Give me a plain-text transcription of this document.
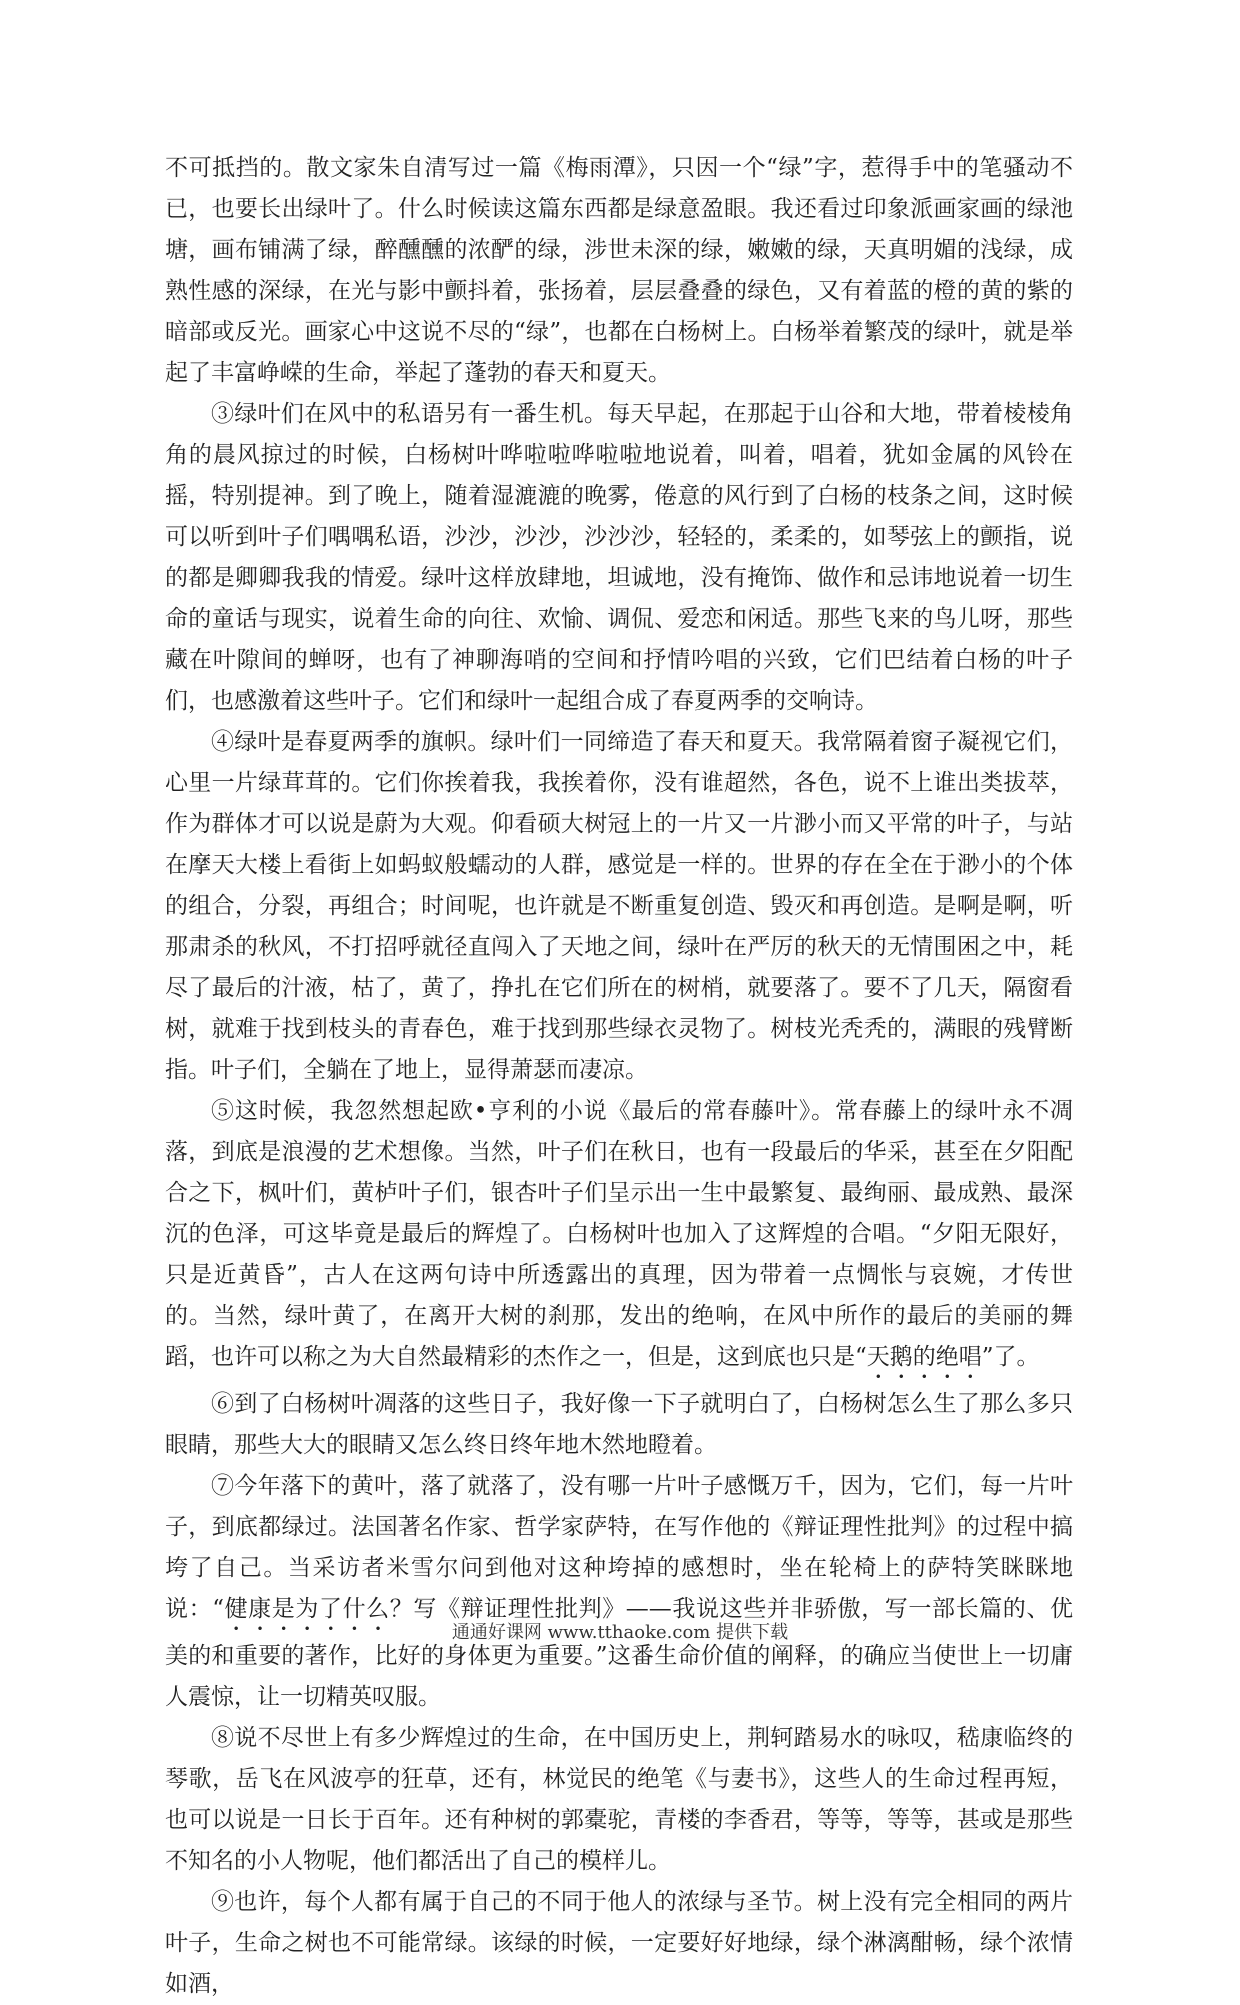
不可抵挡的。散文家朱自清写过一篇《梅雨潭》，只因一个“绿”字，惹得手中的笔骚动不已，也要长出绿叶了。什么时候读这篇东西都是绿意盈眼。我还看过印象派画家画的绿池塘，画布铺满了绿，醉醺醺的浓酽的绿，涉世未深的绿，嫩嫩的绿，天真明媚的浅绿，成熟性感的深绿，在光与影中颤抖着，张扬着，层层叠叠的绿色，又有着蓝的橙的黄的紫的暗部或反光。画家心中这说不尽的“绿”，也都在白杨树上。白杨举着繁茂的绿叶，就是举起了丰富峥嵘的生命，举起了蓬勃的春天和夏天。

③绿叶们在风中的私语另有一番生机。每天早起，在那起于山谷和大地，带着棱棱角角的晨风掠过的时候，白杨树叶哗啦啦哗啦啦地说着，叫着，唱着，犹如金属的风铃在摇，特别提神。到了晚上，随着湿漉漉的晚雾，倦意的风行到了白杨的枝条之间，这时候可以听到叶子们喁喁私语，沙沙，沙沙，沙沙沙，轻轻的，柔柔的，如琴弦上的颤指，说的都是卿卿我我的情爱。绿叶这样放肆地，坦诚地，没有掩饰、做作和忌讳地说着一切生命的童话与现实，说着生命的向往、欢愉、调侃、爱恋和闲适。那些飞来的鸟儿呀，那些藏在叶隙间的蝉呀，也有了神聊海哨的空间和抒情吟唱的兴致，它们巴结着白杨的叶子们，也感激着这些叶子。它们和绿叶一起组合成了春夏两季的交响诗。

④绿叶是春夏两季的旗帜。绿叶们一同缔造了春天和夏天。我常隔着窗子凝视它们，心里一片绿茸茸的。它们你挨着我，我挨着你，没有谁超然，各色，说不上谁出类拔萃，作为群体才可以说是蔚为大观。仰看硕大树冠上的一片又一片渺小而又平常的叶子，与站在摩天大楼上看街上如蚂蚁般蠕动的人群，感觉是一样的。世界的存在全在于渺小的个体的组合，分裂，再组合；时间呢，也许就是不断重复创造、毁灭和再创造。是啊是啊，听那肃杀的秋风，不打招呼就径直闯入了天地之间，绿叶在严厉的秋天的无情围困之中，耗尽了最后的汁液，枯了，黄了，挣扎在它们所在的树梢，就要落了。要不了几天，隔窗看树，就难于找到枝头的青春色，难于找到那些绿衣灵物了。树枝光秃秃的，满眼的残臂断指。叶子们，全躺在了地上，显得萧瑟而凄凉。

⑤这时候，我忽然想起欧•亨利的小说《最后的常春藤叶》。常春藤上的绿叶永不凋落，到底是浪漫的艺术想像。当然，叶子们在秋日，也有一段最后的华采，甚至在夕阳配合之下，枫叶们，黄栌叶子们，银杏叶子们呈示出一生中最繁复、最绚丽、最成熟、最深沉的色泽，可这毕竟是最后的辉煌了。白杨树叶也加入了这辉煌的合唱。“夕阳无限好，只是近黄昏”，古人在这两句诗中所透露出的真理，因为带着一点惆怅与哀婉，才传世的。当然，绿叶黄了，在离开大树的刹那，发出的绝响，在风中所作的最后的美丽的舞蹈，也许可以称之为大自然最精彩的杰作之一，但是，这到底也只是“天鹅的绝唱”了。

⑥到了白杨树叶凋落的这些日子，我好像一下子就明白了，白杨树怎么生了那么多只眼睛，那些大大的眼睛又怎么终日终年地木然地瞪着。

⑦今年落下的黄叶，落了就落了，没有哪一片叶子感慨万千，因为，它们，每一片叶子，到底都绿过。法国著名作家、哲学家萨特，在写作他的《辩证理性批判》的过程中搞垮了自己。当采访者米雪尔问到他对这种垮掉的感想时，坐在轮椅上的萨特笑眯眯地说：“健康是为了什么？写《辩证理性批判》——我说这些并非骄傲，写一部长篇的、优美的和重要的著作，比好的身体更为重要。”这番生命价值的阐释，的确应当使世上一切庸人震惊，让一切精英叹服。

⑧说不尽世上有多少辉煌过的生命，在中国历史上，荆轲踏易水的咏叹，嵇康临终的琴歌，岳飞在风波亭的狂草，还有，林觉民的绝笔《与妻书》，这些人的生命过程再短，也可以说是一日长于百年。还有种树的郭橐驼，青楼的李香君，等等，等等，甚或是那些不知名的小人物呢，他们都活出了自己的模样儿。

⑨也许，每个人都有属于自己的不同于他人的浓绿与圣节。树上没有完全相同的两片叶子，生命之树也不可能常绿。该绿的时候，一定要好好地绿，绿个淋漓酣畅，绿个浓情如酒，

通通好课网 www.tthaoke.com 提供下载
